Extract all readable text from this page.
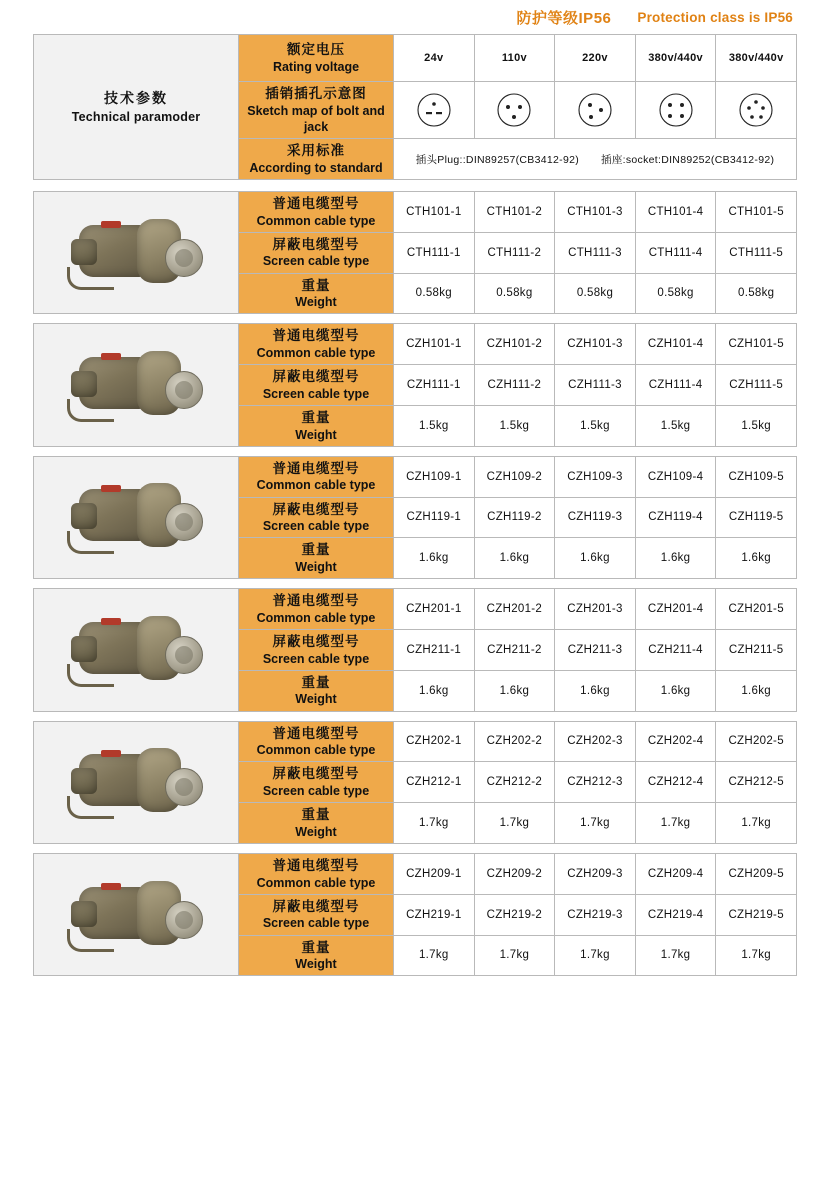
防护等级IP56 Protection class is IP56
技术参数
Technical paramoder
额定电压
Rating voltage
24v	110v	220v	380v/440v	380v/440v
插销插孔示意图
Sketch map of bolt and jack
采用标准
According to standard
插头Plug::DIN89257(CB3412-92) 插座:socket:DIN89252(CB3412-92)
普通电缆型号
Common cable type
CTH101-1	CTH101-2	CTH101-3	CTH101-4	CTH101-5
屏蔽电缆型号
Screen cable type
CTH111-1	CTH111-2	CTH111-3	CTH111-4	CTH111-5
重量
Weight
0.58kg	0.58kg	0.58kg	0.58kg	0.58kg
普通电缆型号
Common cable type
CZH101-1	CZH101-2	CZH101-3	CZH101-4	CZH101-5
屏蔽电缆型号
Screen cable type
CZH111-1	CZH111-2	CZH111-3	CZH111-4	CZH111-5
重量
Weight
1.5kg	1.5kg	1.5kg	1.5kg	1.5kg
普通电缆型号
Common cable type
CZH109-1	CZH109-2	CZH109-3	CZH109-4	CZH109-5
屏蔽电缆型号
Screen cable type
CZH119-1	CZH119-2	CZH119-3	CZH119-4	CZH119-5
重量
Weight
1.6kg	1.6kg	1.6kg	1.6kg	1.6kg
普通电缆型号
Common cable type
CZH201-1	CZH201-2	CZH201-3	CZH201-4	CZH201-5
屏蔽电缆型号
Screen cable type
CZH211-1	CZH211-2	CZH211-3	CZH211-4	CZH211-5
重量
Weight
1.6kg	1.6kg	1.6kg	1.6kg	1.6kg
普通电缆型号
Common cable type
CZH202-1	CZH202-2	CZH202-3	CZH202-4	CZH202-5
屏蔽电缆型号
Screen cable type
CZH212-1	CZH212-2	CZH212-3	CZH212-4	CZH212-5
重量
Weight
1.7kg	1.7kg	1.7kg	1.7kg	1.7kg
普通电缆型号
Common cable type
CZH209-1	CZH209-2	CZH209-3	CZH209-4	CZH209-5
屏蔽电缆型号
Screen cable type
CZH219-1	CZH219-2	CZH219-3	CZH219-4	CZH219-5
重量
Weight
1.7kg	1.7kg	1.7kg	1.7kg	1.7kg
